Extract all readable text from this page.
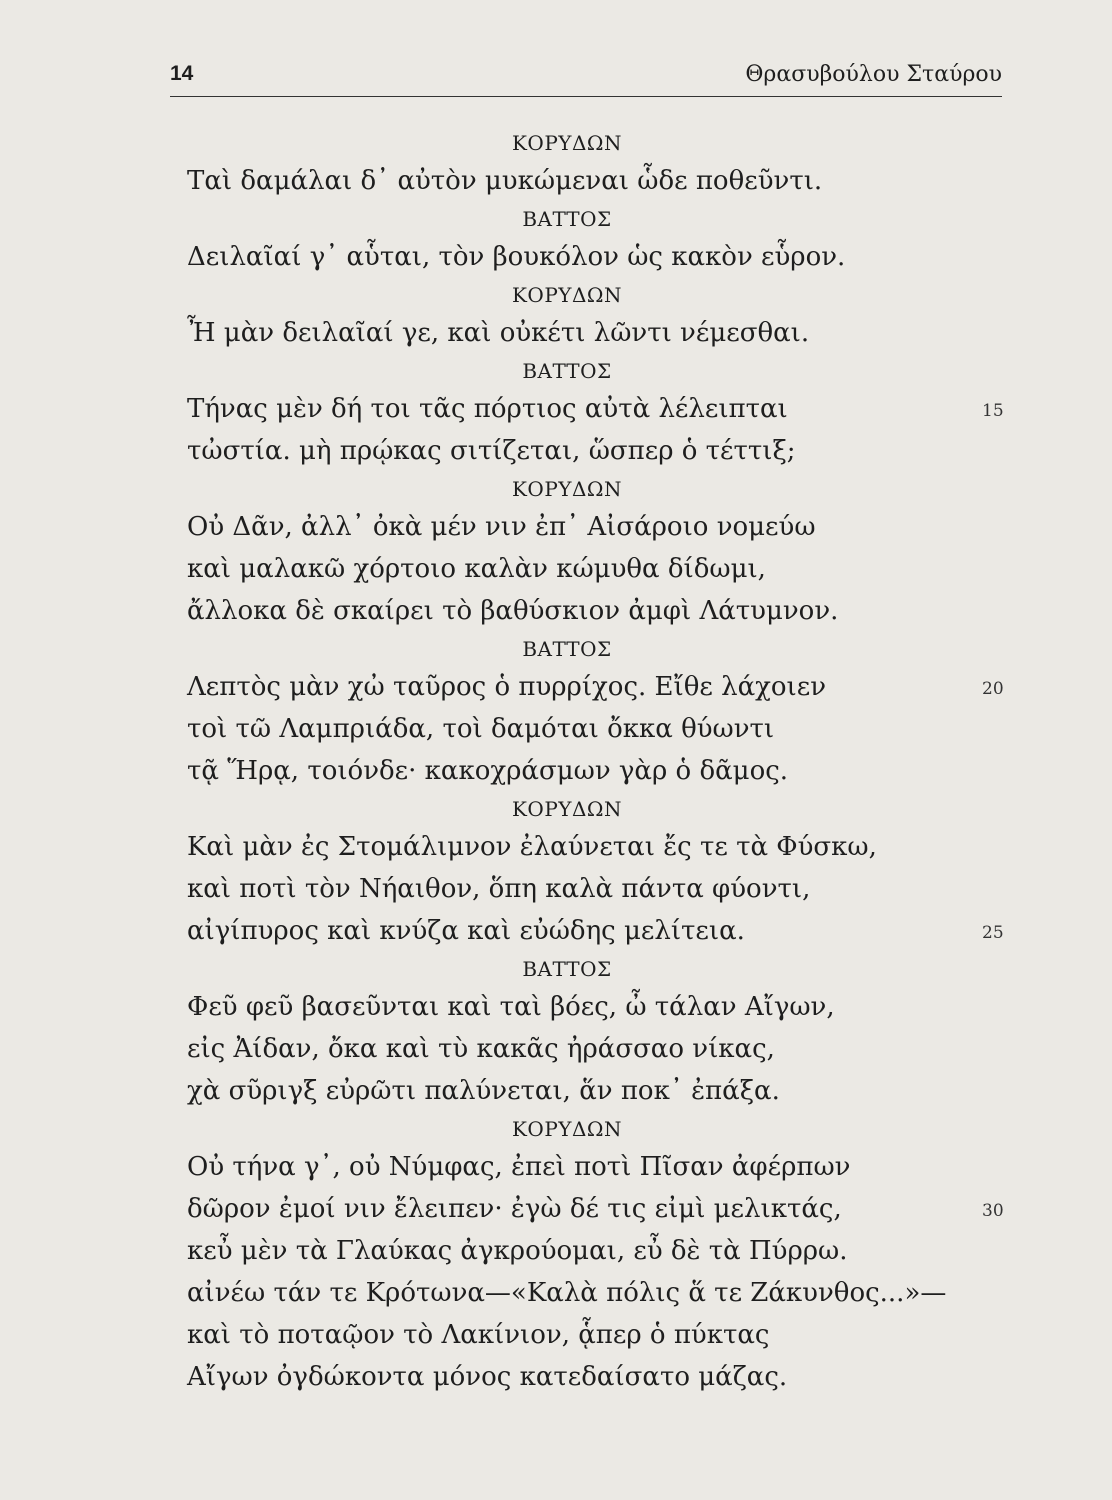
14	Θρασυβούλου Σταύρου
ΚΟΡΥΔΩΝ
Ταὶ δαμάλαι δ᾽ αὐτὸν μυκώμεναι ὧδε ποθεῦντι.
ΒΑΤΤΟΣ
Δειλαῖαί γ᾽ αὗται, τὸν βουκόλον ὡς κακὸν εὗρον.
ΚΟΡΥΔΩΝ
Ἦ μὰν δειλαῖαί γε, καὶ οὐκέτι λῶντι νέμεσθαι.
ΒΑΤΤΟΣ
Τήνας μὲν δή τοι τᾶς πόρτιος αὐτὰ λέλειπται	15
τὠστία. μὴ πρῴκας σιτίζεται, ὥσπερ ὁ τέττιξ;
ΚΟΡΥΔΩΝ
Οὐ Δᾶν, ἀλλ᾽ ὀκὰ μέν νιν ἐπ᾽ Αἰσάροιο νομεύω
καὶ μαλακῶ χόρτοιο καλὰν κώμυθα δίδωμι,
ἄλλοκα δὲ σκαίρει τὸ βαθύσκιον ἀμφὶ Λάτυμνον.
ΒΑΤΤΟΣ
Λεπτὸς μὰν χὠ ταῦρος ὁ πυρρίχος. Εἴθε λάχοιεν	20
τοὶ τῶ Λαμπριάδα, τοὶ δαμόται ὄκκα θύωντι
τᾷ Ἥρᾳ, τοιόνδε· κακοχράσμων γὰρ ὁ δᾶμος.
ΚΟΡΥΔΩΝ
Καὶ μὰν ἐς Στομάλιμνον ἐλαύνεται ἔς τε τὰ Φύσκω,
καὶ ποτὶ τὸν Νήαιθον, ὅπη καλὰ πάντα φύοντι,
αἰγίπυρος καὶ κνύζα καὶ εὐώδης μελίτεια.	25
ΒΑΤΤΟΣ
Φεῦ φεῦ βασεῦνται καὶ ταὶ βόες, ὦ τάλαν Αἴγων,
εἰς Ἀίδαν, ὄκα καὶ τὺ κακᾶς ἠράσσαο νίκας,
χὰ σῦριγξ εὐρῶτι παλύνεται, ἅν ποκ᾽ ἐπάξα.
ΚΟΡΥΔΩΝ
Οὐ τήνα γ᾽, οὐ Νύμφας, ἐπεὶ ποτὶ Πῖσαν ἀφέρπων
δῶρον ἐμοί νιν ἔλειπεν· ἐγὼ δέ τις εἰμὶ μελικτάς,	30
κεὖ μὲν τὰ Γλαύκας ἀγκρούομαι, εὖ δὲ τὰ Πύρρω.
αἰνέω τάν τε Κρότωνα—«Καλὰ πόλις ἅ τε Ζάκυνθος...»—
καὶ τὸ ποταῷον τὸ Λακίνιον, ᾇπερ ὁ πύκτας
Αἴγων ὀγδώκοντα μόνος κατεδαίσατο μάζας.
